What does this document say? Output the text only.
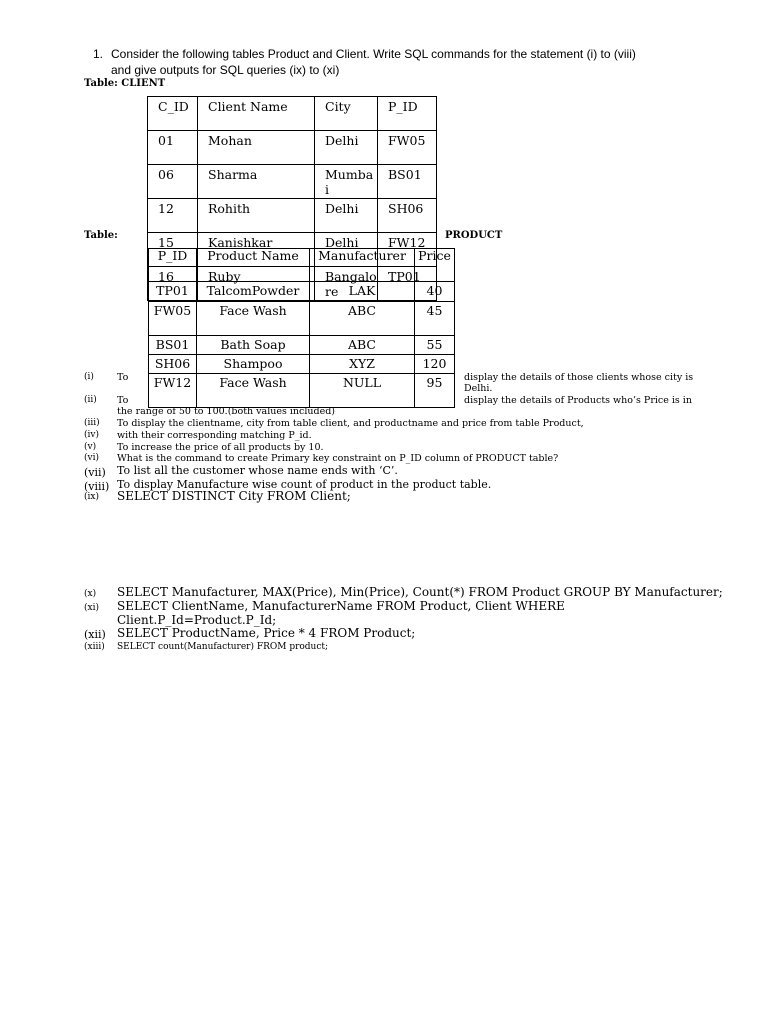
1. Consider the following tables Product and Client. Write SQL commands for the statement (i) to (viii)
and give outputs for SQL queries (ix) to (xi)
Table: CLIENT
Table:	PRODUCT
C_ID	Client Name	City	P_ID
01	Mohan	Delhi	FW05
06	Sharma	Mumbai	BS01
12	Rohith	Delhi	SH06
15	Kanishkar	Delhi	FW12
16	Ruby	Bangalore	TP01
P_ID	Product Name	Manufacturer	Price
TP01	TalcomPowder	LAK	40
FW05	Face Wash	ABC	45
BS01	Bath Soap	ABC	55
SH06	Shampoo	XYZ	120
FW12	Face Wash	NULL	95
(i) To	display the details of those clients whose city is Delhi.
(ii) To	display the details of Products who’s Price is in
the range of 50 to 100.(both values included)
(iii) To display the clientname, city from table client, and productname and price from table Product,
(iv) with their corresponding matching P_id.
(v) To increase the price of all products by 10.
(vi) What is the command to create Primary key constraint on P_ID column of PRODUCT table?
(vii) To list all the customer whose name ends with ‘C’.
(viii) To display Manufacture wise count of product in the product table.
(ix) SELECT DISTINCT City FROM Client;
(x) SELECT Manufacturer, MAX(Price), Min(Price), Count(*) FROM Product GROUP BY Manufacturer;
(xi) SELECT ClientName, ManufacturerName FROM Product, Client WHERE
Client.P_Id=Product.P_Id;
(xii) SELECT ProductName, Price * 4 FROM Product;
(xiii) SELECT count(Manufacturer) FROM product;
